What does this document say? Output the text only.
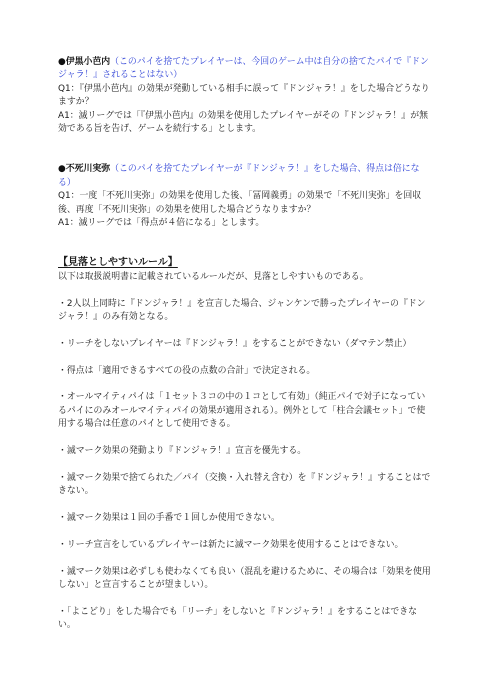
●伊黒小芭内（このパイを捨てたプレイヤーは、今回のゲーム中は自分の捨てたパイで『ドンジャラ！』されることはない）

Q1：『伊黒小芭内』の効果が発動している相手に誤って『ドンジャラ！』をした場合どうなりますか？

A1：滅リーグでは「『伊黒小芭内』の効果を使用したプレイヤーがその『ドンジャラ！』が無効である旨を告げ、ゲームを続行する」とします。

●不死川実弥（このパイを捨てたプレイヤーが『ドンジャラ！』をした場合、得点は倍になる）

Q1：一度「不死川実弥」の効果を使用した後、「冨岡義勇」の効果で「不死川実弥」を回収後、再度「不死川実弥」の効果を使用した場合どうなりますか？

A1：滅リーグでは「得点が４倍になる」とします。

【見落としやすいルール】

以下は取扱説明書に記載されているルールだが、見落としやすいものである。

・2人以上同時に『ドンジャラ！』を宣言した場合、ジャンケンで勝ったプレイヤーの『ドンジャラ！』のみ有効となる。

・リーチをしないプレイヤーは『ドンジャラ！』をすることができない（ダマテン禁止）

・得点は「適用できるすべての役の点数の合計」で決定される。

・オールマイティパイは「１セット３コの中の１コとして有効」（純正パイで対子になっているパイにのみオールマイティパイの効果が適用される）。例外として「柱合会議セット」で使用する場合は任意のパイとして使用できる。

・滅マーク効果の発動より『ドンジャラ！』宣言を優先する。

・滅マーク効果で捨てられた／パイ（交換・入れ替え含む）を『ドンジャラ！』することはできない。

・滅マーク効果は１回の手番で１回しか使用できない。

・リーチ宣言をしているプレイヤーは新たに滅マーク効果を使用することはできない。

・滅マーク効果は必ずしも使わなくても良い（混乱を避けるために、その場合は「効果を使用しない」と宣言することが望ましい）。

・「よこどり」をした場合でも「リーチ」をしないと『ドンジャラ！』をすることはできない。
